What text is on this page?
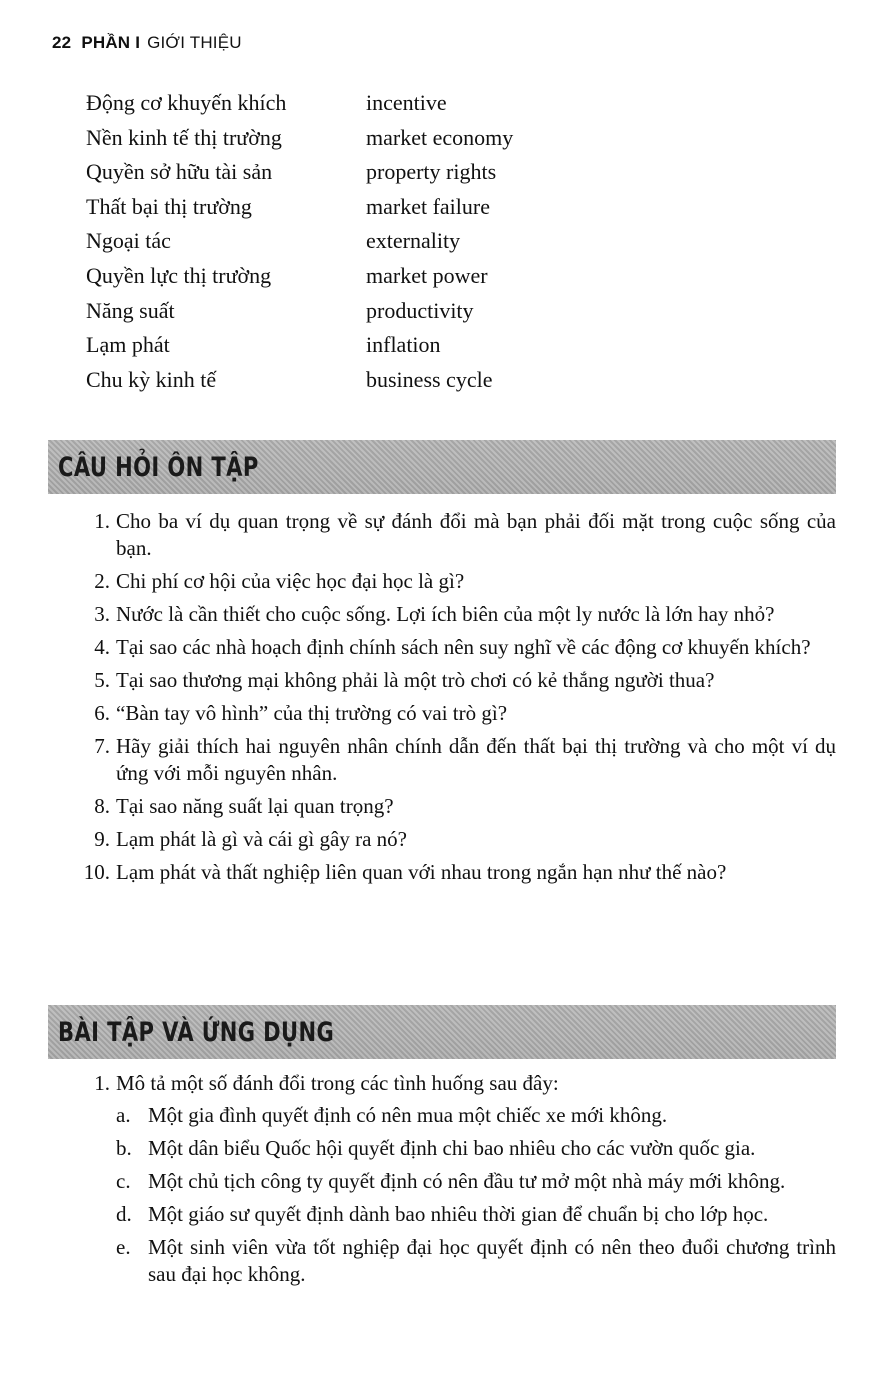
22 PHẦN I GIỚI THIỆU
Động cơ khuyến khích	incentive
Nền kinh tế thị trường	market economy
Quyền sở hữu tài sản	property rights
Thất bại thị trường	market failure
Ngoại tác	externality
Quyền lực thị trường	market power
Năng suất	productivity
Lạm phát	inflation
Chu kỳ kinh tế	business cycle
CÂU HỎI ÔN TẬP
1. Cho ba ví dụ quan trọng về sự đánh đổi mà bạn phải đối mặt trong cuộc sống của bạn.
2. Chi phí cơ hội của việc học đại học là gì?
3. Nước là cần thiết cho cuộc sống. Lợi ích biên của một ly nước là lớn hay nhỏ?
4. Tại sao các nhà hoạch định chính sách nên suy nghĩ về các động cơ khuyến khích?
5. Tại sao thương mại không phải là một trò chơi có kẻ thắng người thua?
6. “Bàn tay vô hình” của thị trường có vai trò gì?
7. Hãy giải thích hai nguyên nhân chính dẫn đến thất bại thị trường và cho một ví dụ ứng với mỗi nguyên nhân.
8. Tại sao năng suất lại quan trọng?
9. Lạm phát là gì và cái gì gây ra nó?
10. Lạm phát và thất nghiệp liên quan với nhau trong ngắn hạn như thế nào?
BÀI TẬP VÀ ỨNG DỤNG
1. Mô tả một số đánh đổi trong các tình huống sau đây:
a. Một gia đình quyết định có nên mua một chiếc xe mới không.
b. Một dân biểu Quốc hội quyết định chi bao nhiêu cho các vườn quốc gia.
c. Một chủ tịch công ty quyết định có nên đầu tư mở một nhà máy mới không.
d. Một giáo sư quyết định dành bao nhiêu thời gian để chuẩn bị cho lớp học.
e. Một sinh viên vừa tốt nghiệp đại học quyết định có nên theo đuổi chương trình sau đại học không.
